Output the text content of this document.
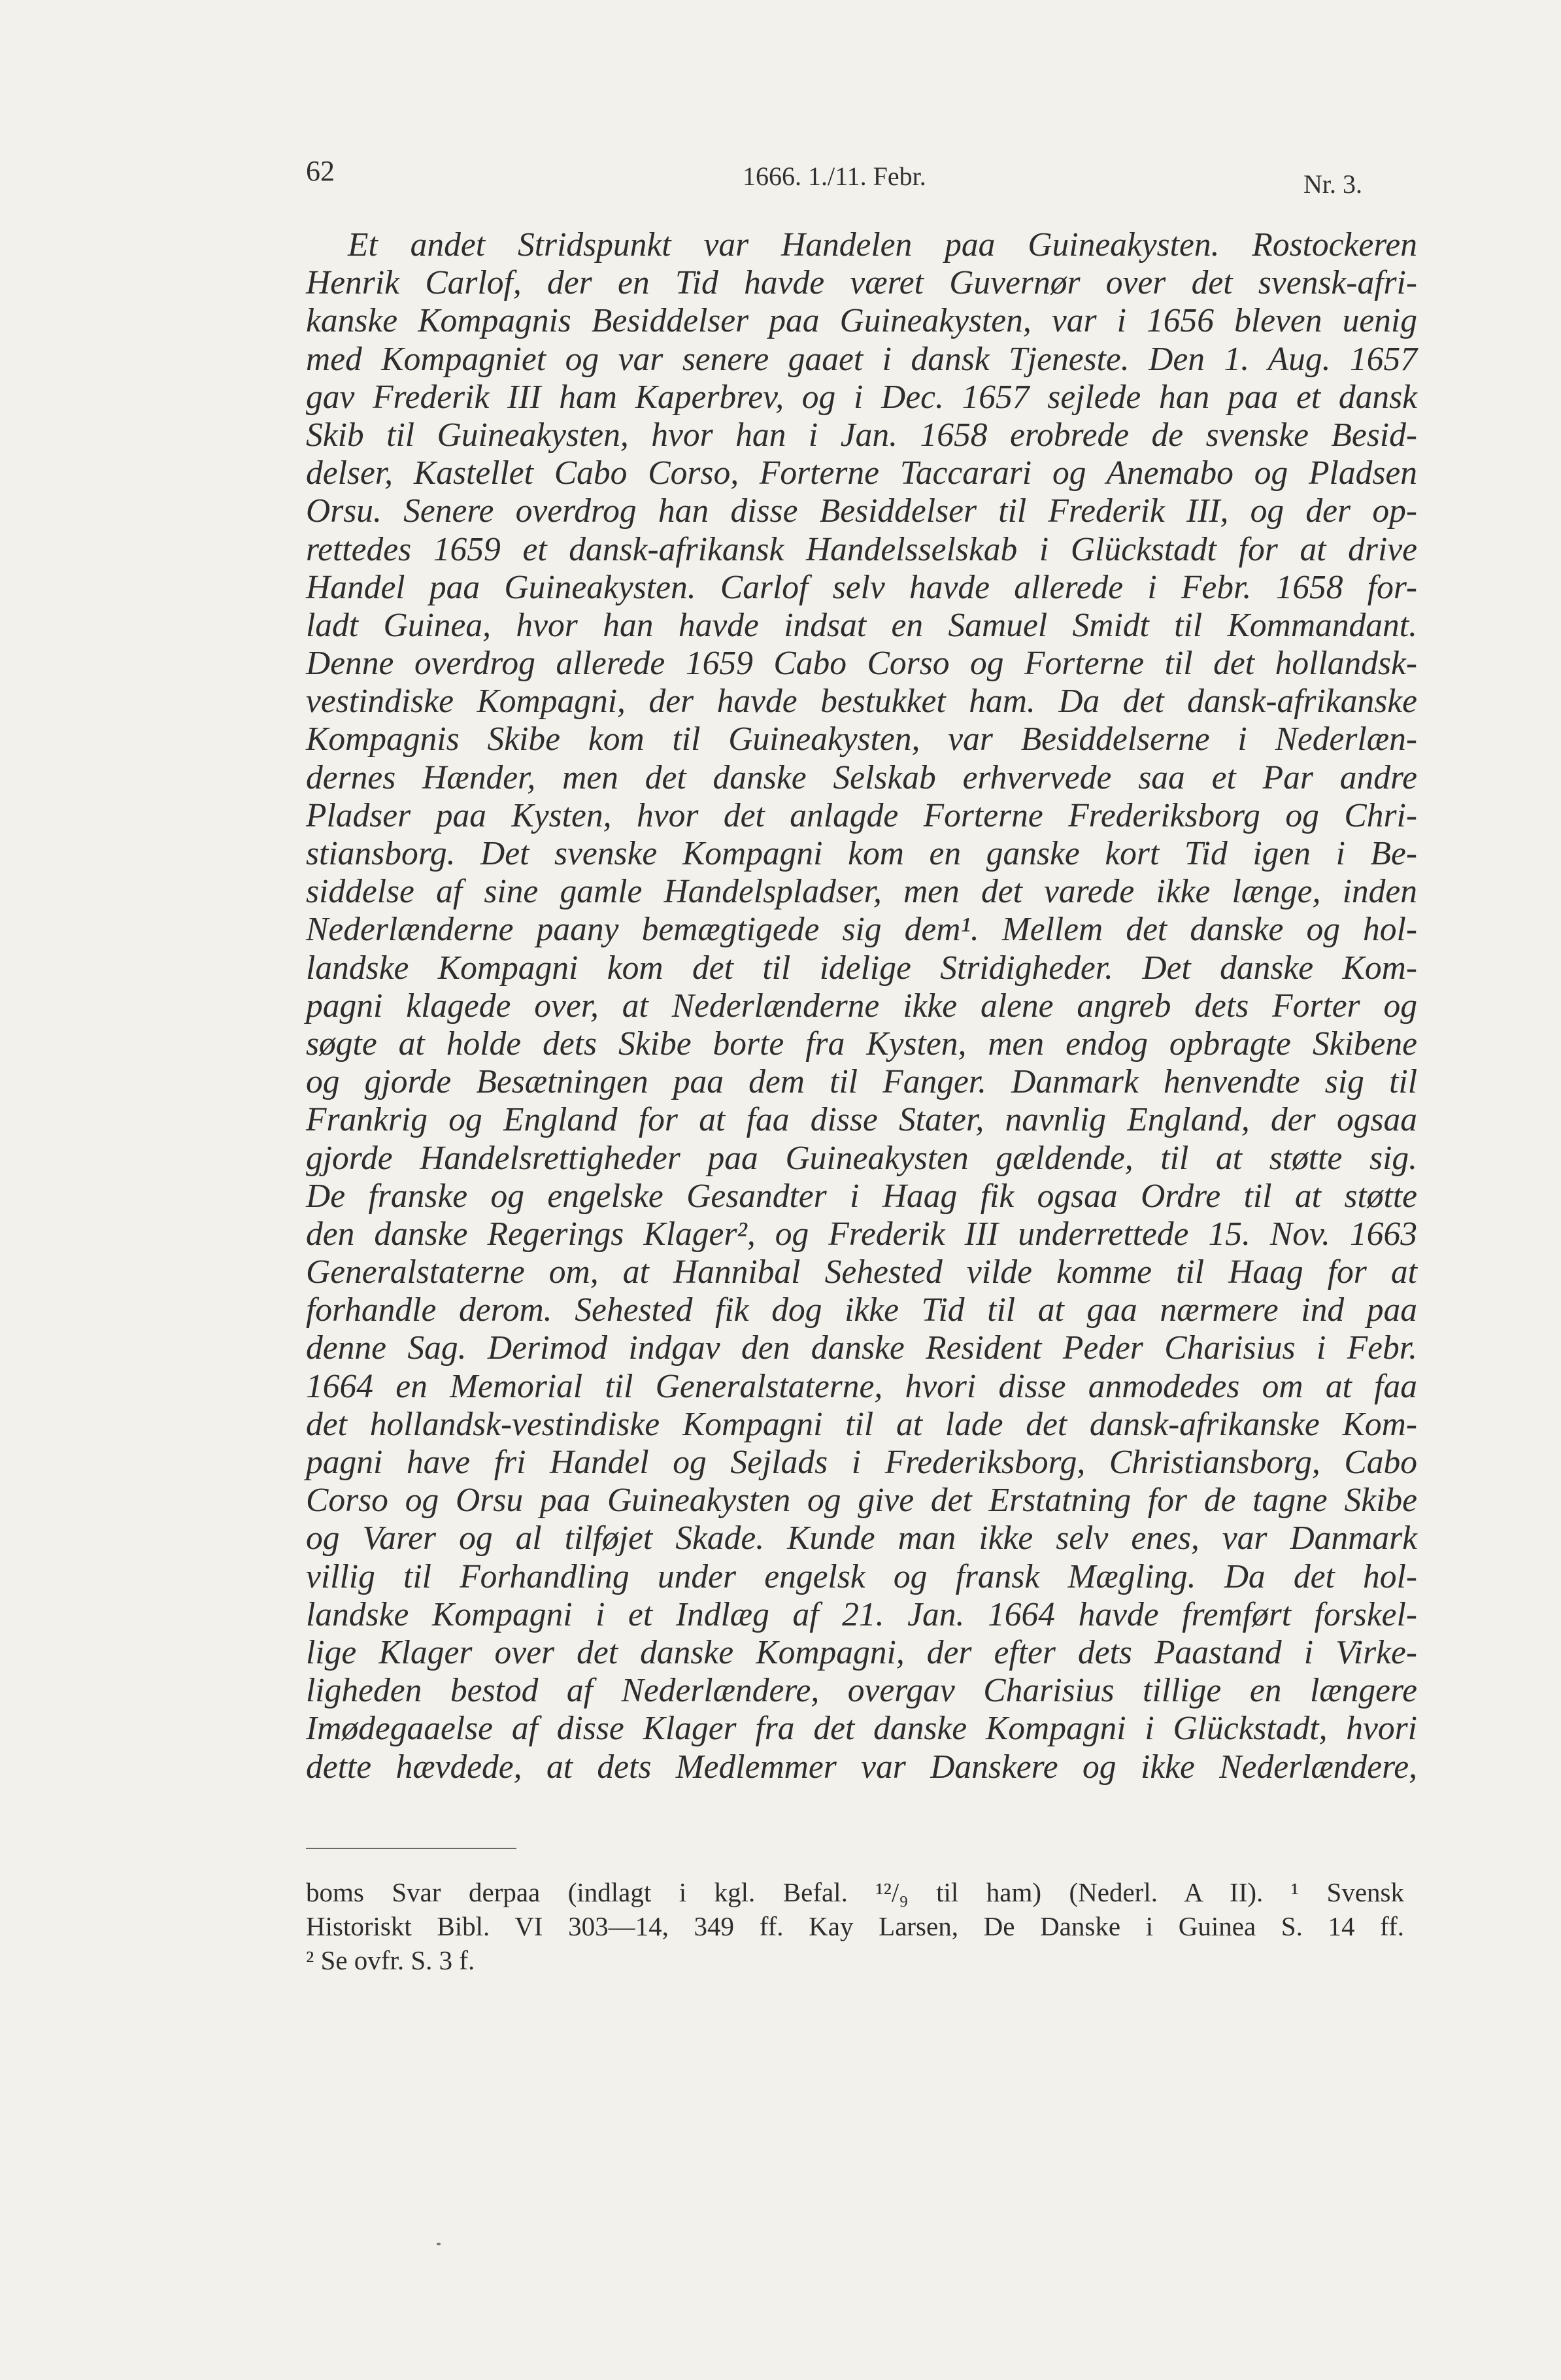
62	1666. 1./11. Febr.	Nr. 3.
Et andet Stridspunkt var Handelen paa Guineakysten. Rostockeren
Henrik Carlof, der en Tid havde været Guvernør over det svensk-afri-
kanske Kompagnis Besiddelser paa Guineakysten, var i 1656 bleven uenig
med Kompagniet og var senere gaaet i dansk Tjeneste. Den 1. Aug. 1657
gav Frederik III ham Kaperbrev, og i Dec. 1657 sejlede han paa et dansk
Skib til Guineakysten, hvor han i Jan. 1658 erobrede de svenske Besid-
delser, Kastellet Cabo Corso, Forterne Taccarari og Anemabo og Pladsen
Orsu. Senere overdrog han disse Besiddelser til Frederik III, og der op-
rettedes 1659 et dansk-afrikansk Handelsselskab i Glückstadt for at drive
Handel paa Guineakysten. Carlof selv havde allerede i Febr. 1658 for-
ladt Guinea, hvor han havde indsat en Samuel Smidt til Kommandant.
Denne overdrog allerede 1659 Cabo Corso og Forterne til det hollandsk-
vestindiske Kompagni, der havde bestukket ham. Da det dansk-afrikanske
Kompagnis Skibe kom til Guineakysten, var Besiddelserne i Nederlæn-
dernes Hænder, men det danske Selskab erhvervede saa et Par andre
Pladser paa Kysten, hvor det anlagde Forterne Frederiksborg og Chri-
stiansborg. Det svenske Kompagni kom en ganske kort Tid igen i Be-
siddelse af sine gamle Handelspladser, men det varede ikke længe, inden
Nederlænderne paany bemægtigede sig dem¹. Mellem det danske og hol-
landske Kompagni kom det til idelige Stridigheder. Det danske Kom-
pagni klagede over, at Nederlænderne ikke alene angreb dets Forter og
søgte at holde dets Skibe borte fra Kysten, men endog opbragte Skibene
og gjorde Besætningen paa dem til Fanger. Danmark henvendte sig til
Frankrig og England for at faa disse Stater, navnlig England, der ogsaa
gjorde Handelsrettigheder paa Guineakysten gældende, til at støtte sig.
De franske og engelske Gesandter i Haag fik ogsaa Ordre til at støtte
den danske Regerings Klager², og Frederik III underrettede 15. Nov. 1663
Generalstaterne om, at Hannibal Sehested vilde komme til Haag for at
forhandle derom. Sehested fik dog ikke Tid til at gaa nærmere ind paa
denne Sag. Derimod indgav den danske Resident Peder Charisius i Febr.
1664 en Memorial til Generalstaterne, hvori disse anmodedes om at faa
det hollandsk-vestindiske Kompagni til at lade det dansk-afrikanske Kom-
pagni have fri Handel og Sejlads i Frederiksborg, Christiansborg, Cabo
Corso og Orsu paa Guineakysten og give det Erstatning for de tagne Skibe
og Varer og al tilføjet Skade. Kunde man ikke selv enes, var Danmark
villig til Forhandling under engelsk og fransk Mægling. Da det hol-
landske Kompagni i et Indlæg af 21. Jan. 1664 havde fremført forskel-
lige Klager over det danske Kompagni, der efter dets Paastand i Virke-
ligheden bestod af Nederlændere, overgav Charisius tillige en længere
Imødegaaelse af disse Klager fra det danske Kompagni i Glückstadt, hvori
dette hævdede, at dets Medlemmer var Danskere og ikke Nederlændere,
boms Svar derpaa (indlagt i kgl. Befal. ¹²/₉ til ham) (Nederl. A II). ¹ Svensk
Historiskt Bibl. VI 303—14, 349 ff. Kay Larsen, De Danske i Guinea S. 14 ff.
² Se ovfr. S. 3 f.
